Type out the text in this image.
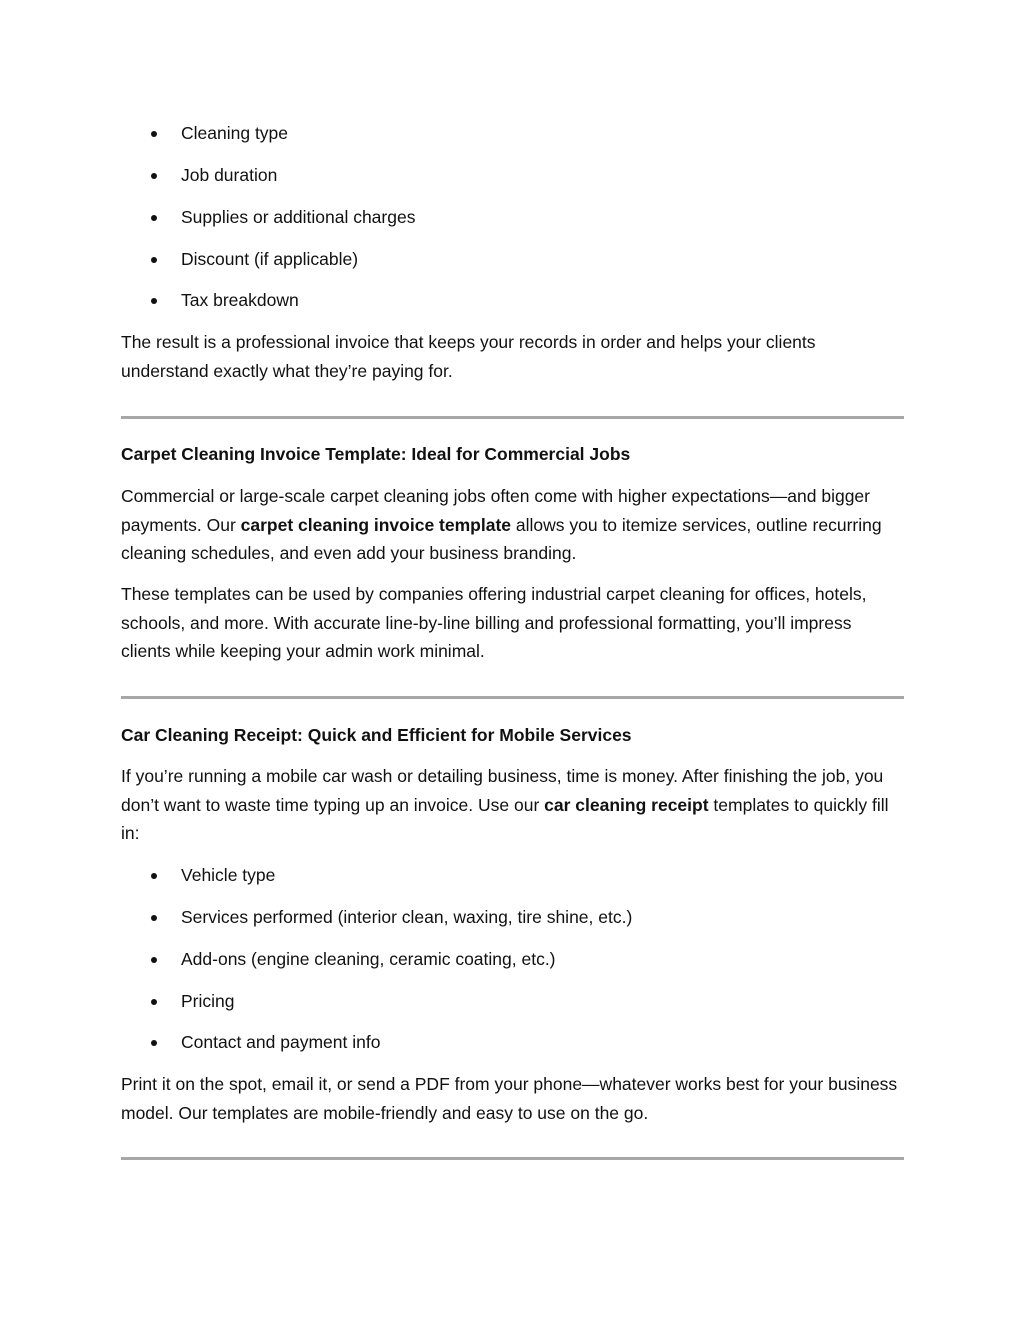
Cleaning type
Job duration
Supplies or additional charges
Discount (if applicable)
Tax breakdown

The result is a professional invoice that keeps your records in order and helps your clients understand exactly what they’re paying for.

Carpet Cleaning Invoice Template: Ideal for Commercial Jobs

Commercial or large-scale carpet cleaning jobs often come with higher expectations—and bigger payments. Our carpet cleaning invoice template allows you to itemize services, outline recurring cleaning schedules, and even add your business branding.

These templates can be used by companies offering industrial carpet cleaning for offices, hotels, schools, and more. With accurate line-by-line billing and professional formatting, you’ll impress clients while keeping your admin work minimal.

Car Cleaning Receipt: Quick and Efficient for Mobile Services

If you’re running a mobile car wash or detailing business, time is money. After finishing the job, you don’t want to waste time typing up an invoice. Use our car cleaning receipt templates to quickly fill in:

Vehicle type
Services performed (interior clean, waxing, tire shine, etc.)
Add-ons (engine cleaning, ceramic coating, etc.)
Pricing
Contact and payment info

Print it on the spot, email it, or send a PDF from your phone—whatever works best for your business model. Our templates are mobile-friendly and easy to use on the go.
